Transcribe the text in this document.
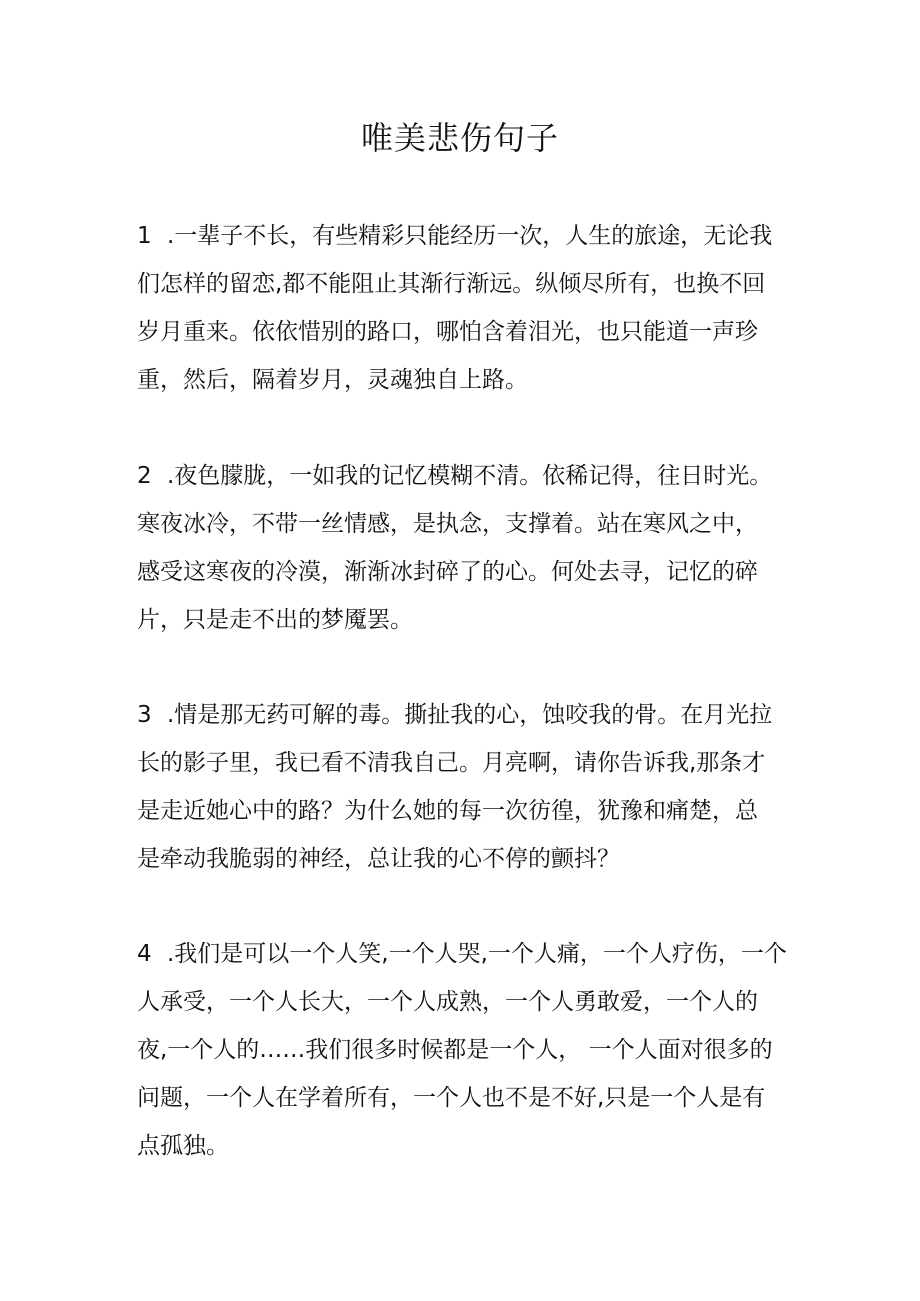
唯美悲伤句子
1 .一辈子不长，有些精彩只能经历一次，人生的旅途，无论我
们怎样的留恋,都不能阻止其渐行渐远。纵倾尽所有，也换不回
岁月重来。依依惜别的路口，哪怕含着泪光，也只能道一声珍
重，然后，隔着岁月，灵魂独自上路。
2 .夜色朦胧，一如我的记忆模糊不清。依稀记得，往日时光。
寒夜冰冷，不带一丝情感，是执念，支撑着。站在寒风之中，
感受这寒夜的冷漠，渐渐冰封碎了的心。何处去寻，记忆的碎
片，只是走不出的梦魇罢。
3 .情是那无药可解的毒。撕扯我的心，蚀咬我的骨。在月光拉
长的影子里，我已看不清我自己。月亮啊，请你告诉我,那条才
是走近她心中的路？为什么她的每一次彷徨，犹豫和痛楚，总
是牵动我脆弱的神经，总让我的心不停的颤抖？
4 .我们是可以一个人笑,一个人哭,一个人痛，一个人疗伤，一个
人承受，一个人长大，一个人成熟，一个人勇敢爱，一个人的
夜,一个人的……我们很多时候都是一个人， 一个人面对很多的
问题，一个人在学着所有，一个人也不是不好,只是一个人是有
点孤独。
